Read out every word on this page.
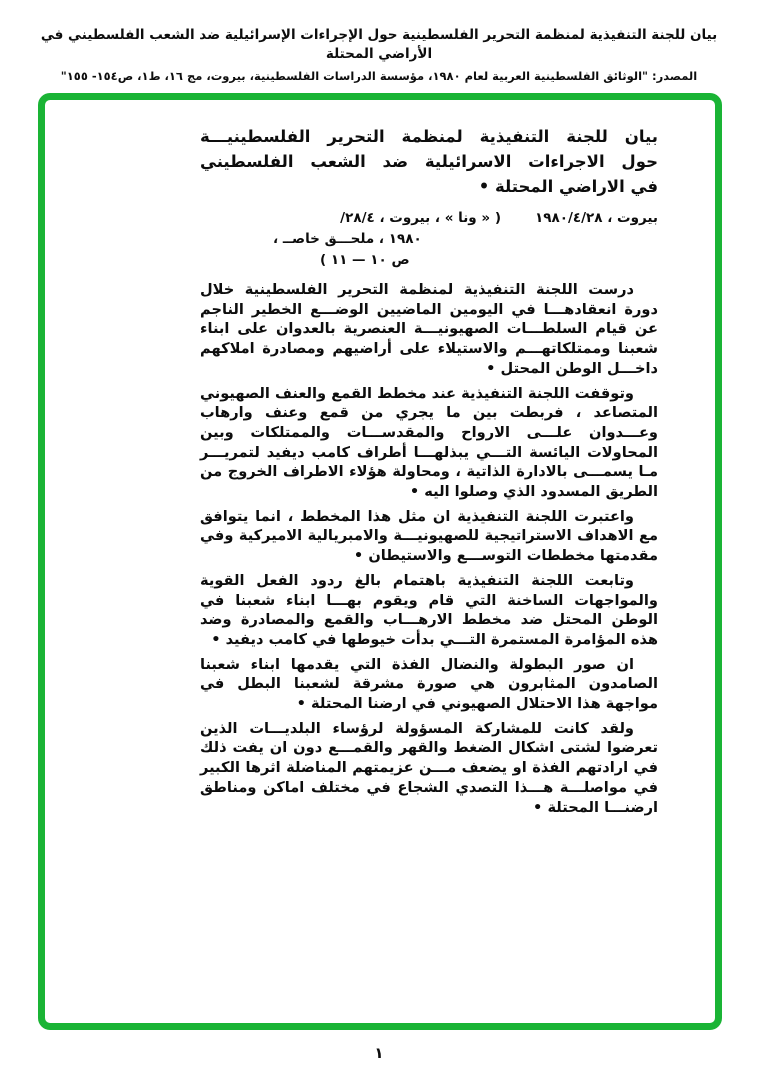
بيان للجنة التنفيذية لمنظمة التحرير الفلسطينية حول الإجراءات الإسرائيلية ضد الشعب الفلسطيني في الأراضي المحتلة
المصدر: "الوثائق الفلسطينية العربية لعام ١٩٨٠، مؤسسة الدراسات الفلسطينية، بيروت، مج ١٦، ط١، ص١٥٤- ١٥٥"
بيان للجنة التنفيذية لمنظمة التحرير الفلسطينيـــة
حول الاجراءات الاسرائيلية ضد الشعب الفلسطيني
في الاراضي المحتلة •
بيروت ، ١٩٨٠/٤/٢٨
( « ونا » ، بيروت ، ٢٨/٤/
١٩٨٠ ، ملحـــق خاصــ ،
ص ١٠ — ١١ )

درست اللجنة التنفيذية لمنظمة التحرير الفلسطينية خلال دورة انعقادهـــا في اليومين الماضيين الوضـــع الخطير الناجم عن قيام السلطـــات الصهيونيـــة العنصرية بالعدوان على ابناء شعبنا وممتلكاتهـــم والاستيلاء على أراضيهم ومصادرة املاكهم داخـــل الوطن المحتل •

وتوقفت اللجنة التنفيذية عند مخطط القمع والعنف الصهيوني المتصاعد ، فربطت بين ما يجري من قمع وعنف وارهاب وعـــدوان علـــى الارواح والمقدســـات والممتلكات وبين المحاولات اليائسة التـــي يبذلهـــا أطراف كامب ديفيد لتمريـــر مـا يسمـــى بالادارة الذاتية ، ومحاولة هؤلاء الاطراف الخروج من الطريق المسدود الذي وصلوا اليه •

واعتبرت اللجنة التنفيذية ان مثل هذا المخطط ، انما يتوافق مع الاهداف الاستراتيجية للصهيونيـــة والامبريالية الاميركية وفي مقدمتها مخططات التوســـع والاستيطان •

وتابعت اللجنة التنفيذية باهتمام بالغ ردود الفعل القوية والمواجهات الساخنة التي قام ويقوم بهـــا ابناء شعبنا في الوطن المحتل ضد مخطط الارهـــاب والقمع والمصادرة وضد هذه المؤامرة المستمرة التـــي بدأت خيوطها في كامب ديفيد •

ان صور البطولة والنضال الفذة التي يقدمها ابناء شعبنا الصامدون المثابرون هي صورة مشرقة لشعبنا البطل في مواجهة هذا الاحتلال الصهيوني في ارضنا المحتلة •

ولقد كانت للمشاركة المسؤولة لرؤساء البلديـــات الذين تعرضوا لشتى اشكال الضغط والقهر والقمـــع دون ان يفت ذلك في ارادتهم الفذة او يضعف مـــن عزيمتهم المناضلة اثرها الكبير في مواصلـــة هـــذا التصدي الشجاع في مختلف اماكن ومناطق ارضنـــا المحتلة •

١
